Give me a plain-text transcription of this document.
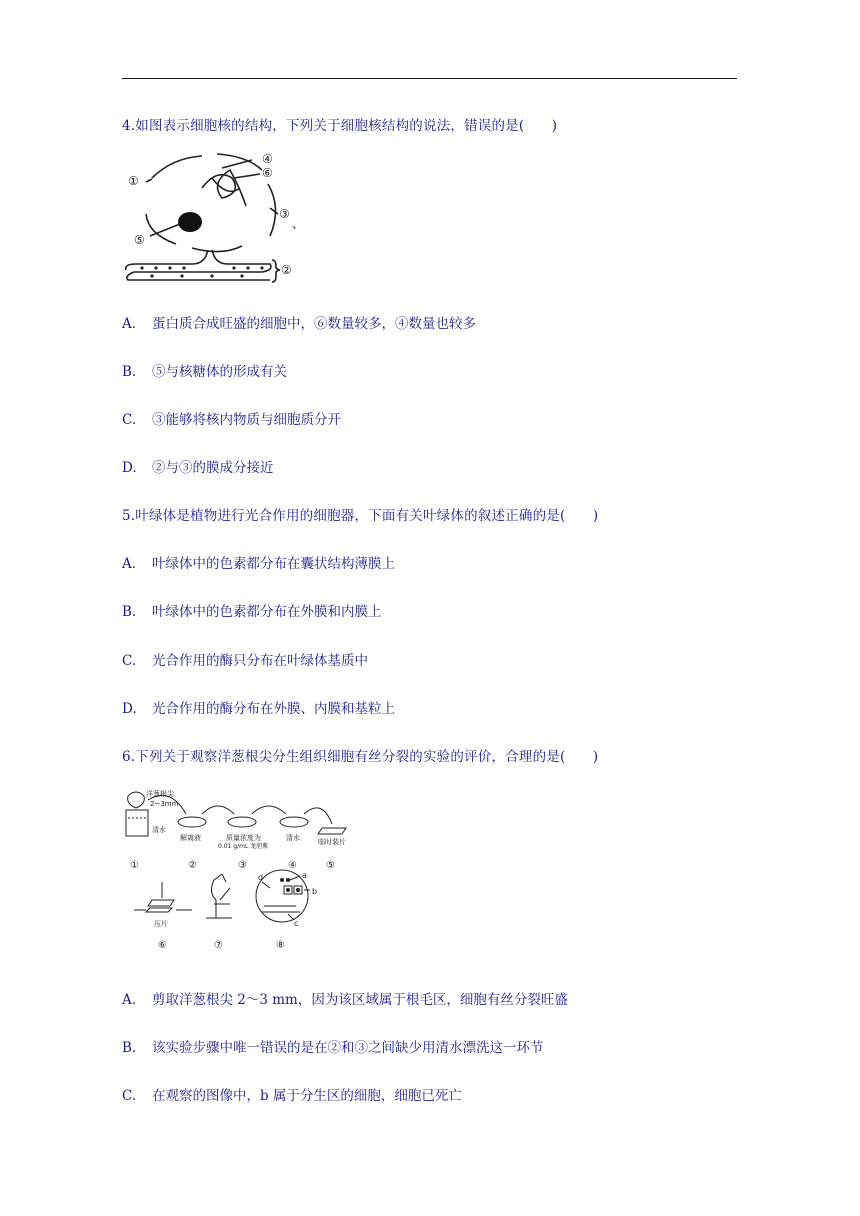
4.如图表示细胞核的结构，下列关于细胞核结构的说法，错误的是(　　)
①
④
⑥
③
、
⑤
②
A. 蛋白质合成旺盛的细胞中，⑥数量较多，④数量也较多
B. ⑤与核糖体的形成有关
C. ③能够将核内物质与细胞质分开
D. ②与③的膜成分接近
5.叶绿体是植物进行光合作用的细胞器，下面有关叶绿体的叙述正确的是(　　)
A. 叶绿体中的色素都分布在囊状结构薄膜上
B. 叶绿体中的色素都分布在外膜和内膜上
C. 光合作用的酶只分布在叶绿体基质中
D. 光合作用的酶分布在外膜、内膜和基粒上
6.下列关于观察洋葱根尖分生组织细胞有丝分裂的实验的评价，合理的是(　　)
洋葱根尖
2~3mm
清水
解离液	质量浓度为
0.01 g/mL 龙胆紫
清水	临时装片
①	②	③	④	⑤
压片
⑥	⑦	⑧
a
b
c
d
A. 剪取洋葱根尖 2～3 mm，因为该区域属于根毛区，细胞有丝分裂旺盛
B. 该实验步骤中唯一错误的是在②和③之间缺少用清水漂洗这一环节
C. 在观察的图像中，b 属于分生区的细胞，细胞已死亡
